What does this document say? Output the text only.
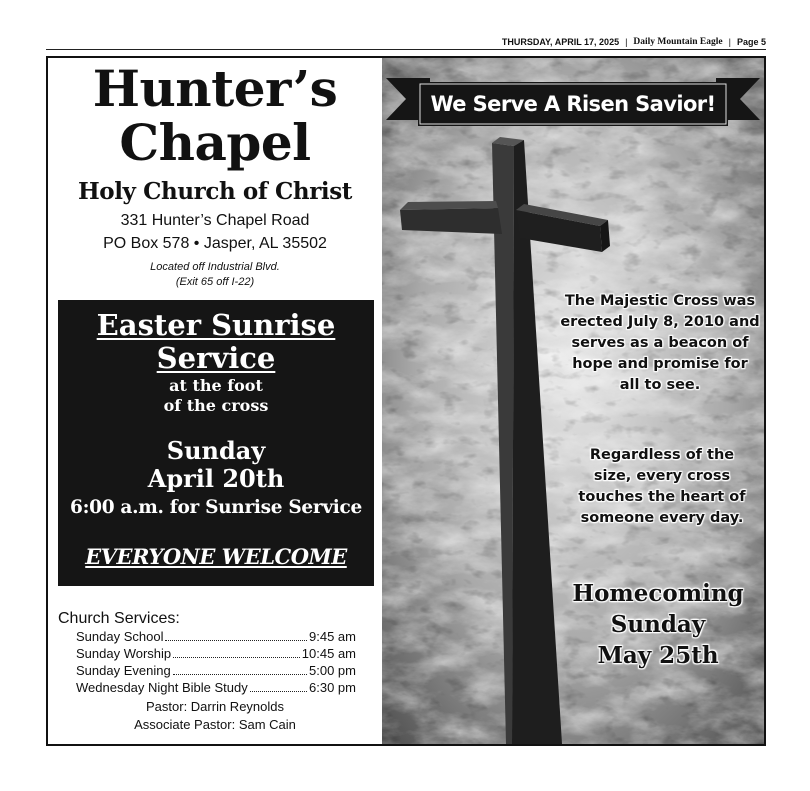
THURSDAY, APRIL 17, 2025 | Daily Mountain Eagle | Page 5
Hunter’s
Chapel
Holy Church of Christ
331 Hunter’s Chapel Road
PO Box 578 • Jasper, AL 35502
Located off Industrial Blvd.
(Exit 65 off I-22)
Easter Sunrise
Service
at the foot
of the cross
Sunday
April 20th
6:00 a.m. for Sunrise Service
EVERYONE WELCOME
Church Services:
Sunday School	9:45 am
Sunday Worship	10:45 am
Sunday Evening	5:00 pm
Wednesday Night Bible Study	6:30 pm
Pastor: Darrin Reynolds
Associate Pastor: Sam Cain
We Serve A Risen Savior!
The Majestic Cross was erected July 8, 2010 and serves as a beacon of hope and promise for all to see.
Regardless of the size, every cross touches the heart of someone every day.
Homecoming
Sunday
May 25th
